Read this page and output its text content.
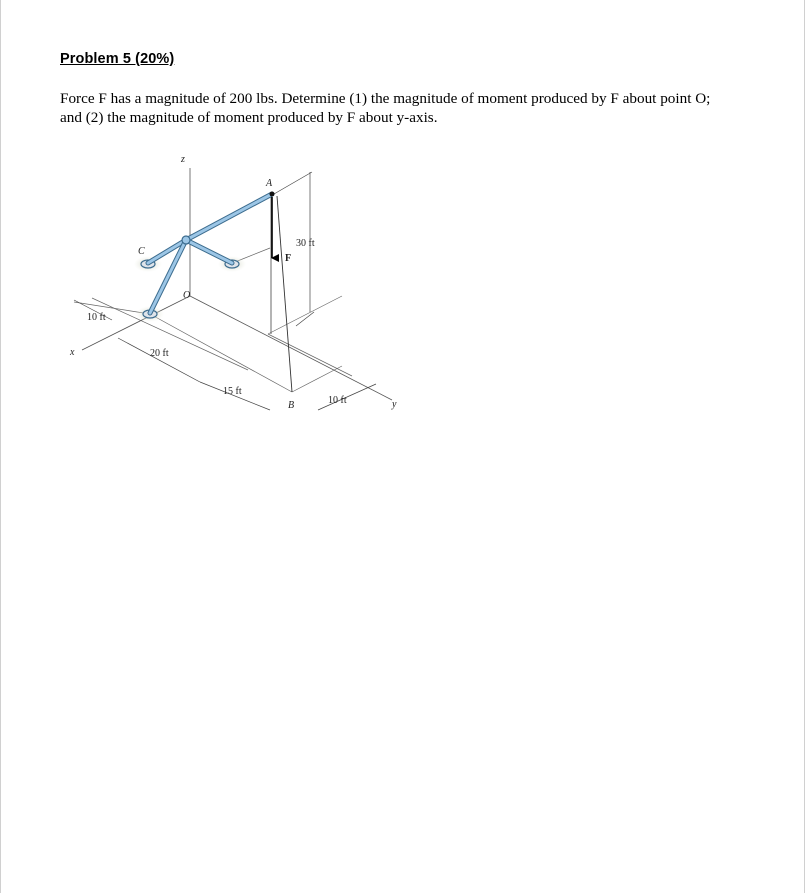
Problem 5 (20%)

Force F has a magnitude of 200 lbs. Determine (1) the magnitude of moment produced by F about point O;
and (2) the magnitude of moment produced by F about y-axis.

z
x
y
A
C
O
B
F
30 ft
10 ft
20 ft
15 ft
10 ft
